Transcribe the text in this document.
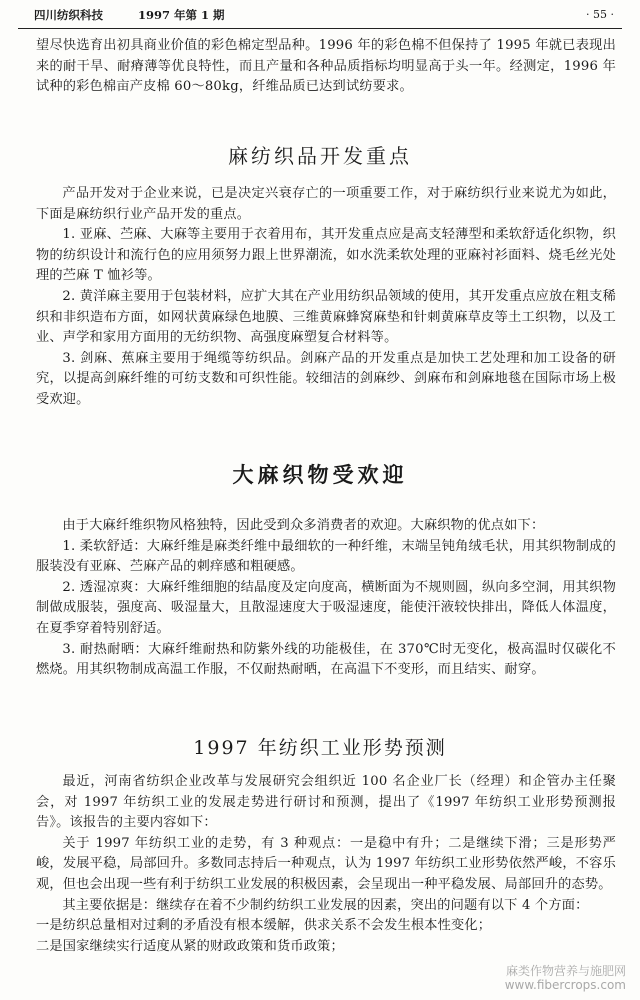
四川纺织科技	1997 年第 1 期	· 55 ·

望尽快选育出初具商业价值的彩色棉定型品种。1996 年的彩色棉不但保持了 1995 年就已表现出来的耐干旱、耐瘠薄等优良特性，而且产量和各种品质指标均明显高于头一年。经测定，1996 年试种的彩色棉亩产皮棉 60～80kg，纤维品质已达到试纺要求。

麻纺织品开发重点

产品开发对于企业来说，已是决定兴衰存亡的一项重要工作，对于麻纺织行业来说尤为如此，下面是麻纺织行业产品开发的重点。

1. 亚麻、苎麻、大麻等主要用于衣着用布，其开发重点应是高支轻薄型和柔软舒适化织物，织物的纺织设计和流行色的应用须努力跟上世界潮流，如水洗柔软处理的亚麻衬衫面料、烧毛丝光处理的苎麻 T 恤衫等。

2. 黄洋麻主要用于包装材料，应扩大其在产业用纺织品领域的使用，其开发重点应放在粗支稀织和非织造布方面，如网状黄麻绿色地膜、三维黄麻蜂窝麻垫和针刺黄麻草皮等土工织物，以及工业、声学和家用方面用的无纺织物、高强度麻塑复合材料等。

3. 剑麻、蕉麻主要用于绳缆等纺织品。剑麻产品的开发重点是加快工艺处理和加工设备的研究，以提高剑麻纤维的可纺支数和可织性能。较细洁的剑麻纱、剑麻布和剑麻地毯在国际市场上极受欢迎。

大麻织物受欢迎

由于大麻纤维织物风格独特，因此受到众多消费者的欢迎。大麻织物的优点如下：

1. 柔软舒适：大麻纤维是麻类纤维中最细软的一种纤维，末端呈钝角绒毛状，用其织物制成的服装没有亚麻、苎麻产品的刺痒感和粗硬感。

2. 透湿凉爽：大麻纤维细胞的结晶度及定向度高，横断面为不规则圆，纵向多空洞，用其织物制做成服装，强度高、吸湿量大，且散湿速度大于吸湿速度，能使汗液较快排出，降低人体温度，在夏季穿着特别舒适。

3. 耐热耐晒：大麻纤维耐热和防紫外线的功能极佳，在 370℃时无变化，极高温时仅碳化不燃烧。用其织物制成高温工作服，不仅耐热耐晒，在高温下不变形，而且结实、耐穿。

1997 年纺织工业形势预测

最近，河南省纺织企业改革与发展研究会组织近 100 名企业厂长（经理）和企管办主任聚会，对 1997 年纺织工业的发展走势进行研讨和预测，提出了《1997 年纺织工业形势预测报告》。该报告的主要内容如下：

关于 1997 年纺织工业的走势，有 3 种观点：一是稳中有升；二是继续下滑；三是形势严峻，发展平稳，局部回升。多数同志持后一种观点，认为 1997 年纺织工业形势依然严峻，不容乐观，但也会出现一些有利于纺织工业发展的积极因素，会呈现出一种平稳发展、局部回升的态势。

其主要依据是：继续存在着不少制约纺织工业发展的因素，突出的问题有以下 4 个方面：

一是纺织总量相对过剩的矛盾没有根本缓解，供求关系不会发生根本性变化；

二是国家继续实行适度从紧的财政政策和货币政策；

麻类作物营养与施肥网
www.fibercrops.com
